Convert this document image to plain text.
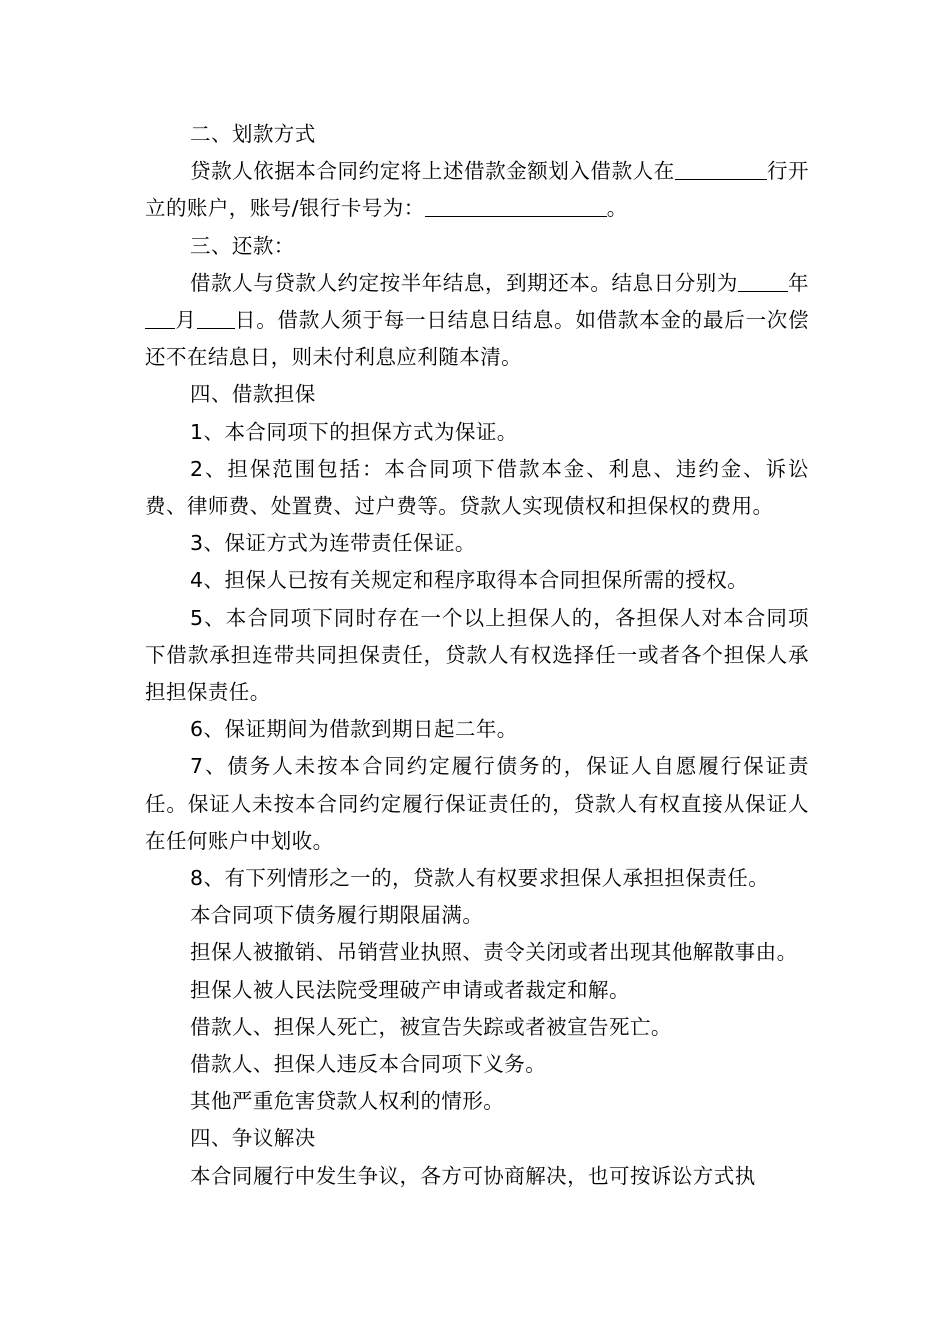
二、划款方式

贷款人依据本合同约定将上述借款金额划入借款人在	行开立的账户，账号/银行卡号为：	。

三、还款：

借款人与贷款人约定按半年结息，到期还本。结息日分别为 年月 日。借款人须于每一日结息日结息。如借款本金的最后一次偿还不在结息日，则未付利息应利随本清。

四、借款担保

1、本合同项下的担保方式为保证。

2、担保范围包括：本合同项下借款本金、利息、违约金、诉讼费、律师费、处置费、过户费等。贷款人实现债权和担保权的费用。

3、保证方式为连带责任保证。

4、担保人已按有关规定和程序取得本合同担保所需的授权。

5、本合同项下同时存在一个以上担保人的，各担保人对本合同项下借款承担连带共同担保责任，贷款人有权选择任一或者各个担保人承担担保责任。

6、保证期间为借款到期日起二年。

7、债务人未按本合同约定履行债务的，保证人自愿履行保证责任。保证人未按本合同约定履行保证责任的，贷款人有权直接从保证人在任何账户中划收。

8、有下列情形之一的，贷款人有权要求担保人承担担保责任。

本合同项下债务履行期限届满。

担保人被撤销、吊销营业执照、责令关闭或者出现其他解散事由。

担保人被人民法院受理破产申请或者裁定和解。

借款人、担保人死亡，被宣告失踪或者被宣告死亡。

借款人、担保人违反本合同项下义务。

其他严重危害贷款人权利的情形。

四、争议解决

本合同履行中发生争议，各方可协商解决，也可按诉讼方式执
